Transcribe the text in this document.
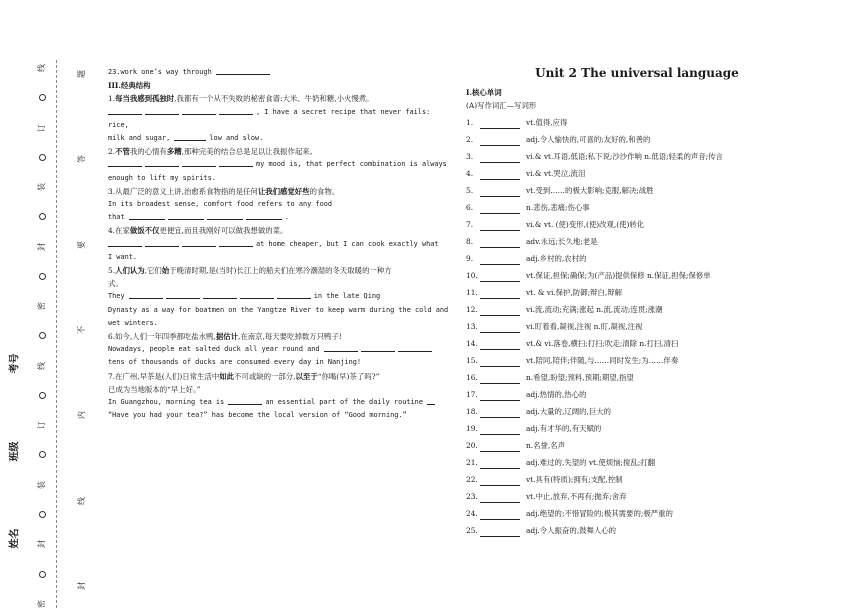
线
订
装
封
密
线
订
装
封
密
题
答
要
不
内
线
封
考号
班级
姓名

23.work one’s way through

III.经典结构

1.每当我感到孤独时,我都有一个从不失败的秘密食谱:大米、牛奶和糖,小火慢煮。

, I have a secret recipe that never fails: rice,

milk and sugar,	low and slow.

2.不管我的心情有多糟,那种完美的结合总是足以让我振作起来。

my mood is, that perfect combination is always

enough to lift my spirits.

3.从最广泛的意义上讲,治愈系食物指的是任何让我们感觉好些的食物。

In its broadest sense, comfort food refers to any food

that	.

4.在家做饭不仅更便宜,而且我刚好可以做我想做的菜。

at home cheaper, but I can cook exactly what

I want.

5.人们认为,它们始于晚清时期,是(当时)长江上的船夫们在寒冷潮湿的冬天取暖的一种方

式。

They	in the late Qing

Dynasty as a way for boatmen on the Yangtze River to keep warm during the cold and

wet winters.

6.如今,人们一年四季都吃盐水鸭,据估计,在南京,每天要吃掉数万只鸭子!

Nowadays, people eat salted duck all year round and

tens of thousands of ducks are consumed every day in Nanjing!

7.在广州,早茶是(人们)日常生活中如此不可或缺的一部分,以至于“你喝(早)茶了吗?”

已成为当地版本的“早上好。”

In Guangzhou, morning tea is	an essential part of the daily routine

“Have you had your tea?” has become the local version of “Good morning.”

Unit 2 The universal language

Ⅰ.核心单词

(A)写作词汇—写词形

1.	vt.值得,应得
2.	adj.令人愉快的,可喜的;友好的,和善的
3.	vi.& vt.耳语,低语;私下说;沙沙作响 n.低语;轻柔的声音;传言
4.	vi.& vt.哭泣,流泪
5.	vt.受到……的极大影响;克服,解决;战胜
6.	n.悲伤,悲痛;伤心事
7.	vi.& vt. (使)变形,(使)改观,(使)转化
8.	adv.永远;长久地;老是
9.	adj.乡村的,农村的
10.	vt.保证,担保;确保;为(产品)提供保修 n.保证,担保;保修单
11.	vt. & vi.保护,防御;辩白,辩解
12.	vi.流,流动;充满;涨起 n.流,流动;连贯;涨潮
13.	vi.盯着看,凝视,注视 n.盯,凝视,注视
14.	vt.& vi.落卷,横扫;打扫;吹走;清除 n.打扫,清扫
15.	vt.陪同,陪伴;伴随,与……同时发生;为……伴奏
16.	n.希望,盼望;预料,预期;期望,指望
17.	adj.热情的,热心的
18.	adj.大量的,辽阔的,巨大的
19.	adj.有才华的,有天赋的
20.	n.名誉,名声
21.	adj.难过的,失望的 vt.使烦恼;搅乱;打翻
22.	vt.具有(特质);拥有;支配,控制
23.	vt.中止,放弃,不再有;抛弃;舍弃
24.	adj.绝望的;不惜冒险的;极其需要的;极严重的
25.	adj.令人振奋的,鼓舞人心的
